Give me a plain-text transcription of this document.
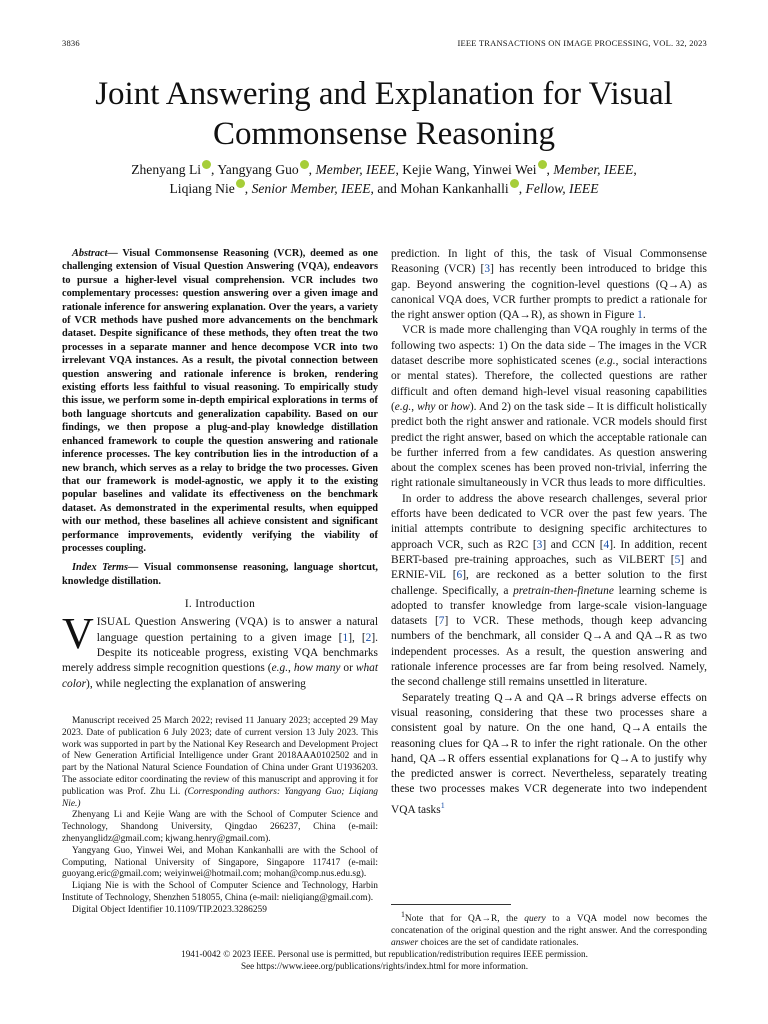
3836	IEEE TRANSACTIONS ON IMAGE PROCESSING, VOL. 32, 2023
Joint Answering and Explanation for Visual
Commonsense Reasoning
Zhenyang Li , Yangyang Guo , Member, IEEE, Kejie Wang, Yinwei Wei , Member, IEEE,
Liqiang Nie , Senior Member, IEEE, and Mohan Kankanhalli , Fellow, IEEE

Abstract— Visual Commonsense Reasoning (VCR), deemed as one challenging extension of Visual Question Answering (VQA), endeavors to pursue a higher-level visual comprehension. VCR includes two complementary processes: question answering over a given image and rationale inference for answering explanation. Over the years, a variety of VCR methods have pushed more advancements on the benchmark dataset. Despite significance of these methods, they often treat the two processes in a separate manner and hence decompose VCR into two irrelevant VQA instances. As a result, the pivotal connection between question answering and rationale inference is broken, rendering existing efforts less faithful to visual reasoning. To empirically study this issue, we perform some in-depth empirical explorations in terms of both language shortcuts and generalization capability. Based on our findings, we then propose a plug-and-play knowledge distillation enhanced framework to couple the question answering and rationale inference processes. The key contribution lies in the introduction of a new branch, which serves as a relay to bridge the two processes. Given that our framework is model-agnostic, we apply it to the existing popular baselines and validate its effectiveness on the benchmark dataset. As demonstrated in the experimental results, when equipped with our method, these baselines all achieve consistent and significant performance improvements, evidently verifying the viability of processes coupling.

Index Terms— Visual commonsense reasoning, language shortcut, knowledge distillation.

I. Introduction

VISUAL Question Answering (VQA) is to answer a natural language question pertaining to a given image [1], [2]. Despite its noticeable progress, existing VQA benchmarks merely address simple recognition questions (e.g., how many or what color), while neglecting the explanation of answering

Manuscript received 25 March 2022; revised 11 January 2023; accepted 29 May 2023. Date of publication 6 July 2023; date of current version 13 July 2023. This work was supported in part by the National Key Research and Development Project of New Generation Artificial Intelligence under Grant 2018AAA0102502 and in part by the National Natural Science Foundation of China under Grant U1936203. The associate editor coordinating the review of this manuscript and approving it for publication was Prof. Zhu Li. (Corresponding authors: Yangyang Guo; Liqiang Nie.)

Zhenyang Li and Kejie Wang are with the School of Computer Science and Technology, Shandong University, Qingdao 266237, China (e-mail: zhenyanglidz@gmail.com; kjwang.henry@gmail.com).

Yangyang Guo, Yinwei Wei, and Mohan Kankanhalli are with the School of Computing, National University of Singapore, Singapore 117417 (e-mail: guoyang.eric@gmail.com; weiyinwei@hotmail.com; mohan@comp.nus.edu.sg).

Liqiang Nie is with the School of Computer Science and Technology, Harbin Institute of Technology, Shenzhen 518055, China (e-mail: nieliqiang@gmail.com).

Digital Object Identifier 10.1109/TIP.2023.3286259

prediction. In light of this, the task of Visual Commonsense Reasoning (VCR) [3] has recently been introduced to bridge this gap. Beyond answering the cognition-level questions (Q→A) as canonical VQA does, VCR further prompts to predict a rationale for the right answer option (QA→R), as shown in Figure 1.

VCR is made more challenging than VQA roughly in terms of the following two aspects: 1) On the data side – The images in the VCR dataset describe more sophisticated scenes (e.g., social interactions or mental states). Therefore, the collected questions are rather difficult and often demand high-level visual reasoning capabilities (e.g., why or how). And 2) on the task side – It is difficult holistically predict both the right answer and rationale. VCR models should first predict the right answer, based on which the acceptable rationale can be further inferred from a few candidates. As question answering about the complex scenes has been proved non-trivial, inferring the right rationale simultaneously in VCR thus leads to more difficulties.

In order to address the above research challenges, several prior efforts have been dedicated to VCR over the past few years. The initial attempts contribute to designing specific architectures to approach VCR, such as R2C [3] and CCN [4]. In addition, recent BERT-based pre-training approaches, such as ViLBERT [5] and ERNIE-ViL [6], are reckoned as a better solution to the first challenge. Specifically, a pretrain-then-finetune learning scheme is adopted to transfer knowledge from large-scale vision-language datasets [7] to VCR. These methods, though keep advancing numbers of the benchmark, all consider Q→A and QA→R as two independent processes. As a result, the question answering and rationale inference processes are far from being resolved. Namely, the second challenge still remains unsettled in literature.

Separately treating Q→A and QA→R brings adverse effects on visual reasoning, considering that these two processes share a consistent goal by nature. On the one hand, Q→A entails the reasoning clues for QA→R to infer the right rationale. On the other hand, QA→R offers essential explanations for Q→A to justify why the predicted answer is correct. Nevertheless, separately treating these two processes makes VCR degenerate into two independent VQA tasks$^1$

$^1$Note that for QA→R, the query to a VQA model now becomes the concatenation of the original question and the right answer. And the corresponding answer choices are the set of candidate rationales.

1941-0042 © 2023 IEEE. Personal use is permitted, but republication/redistribution requires IEEE permission.
See https://www.ieee.org/publications/rights/index.html for more information.
